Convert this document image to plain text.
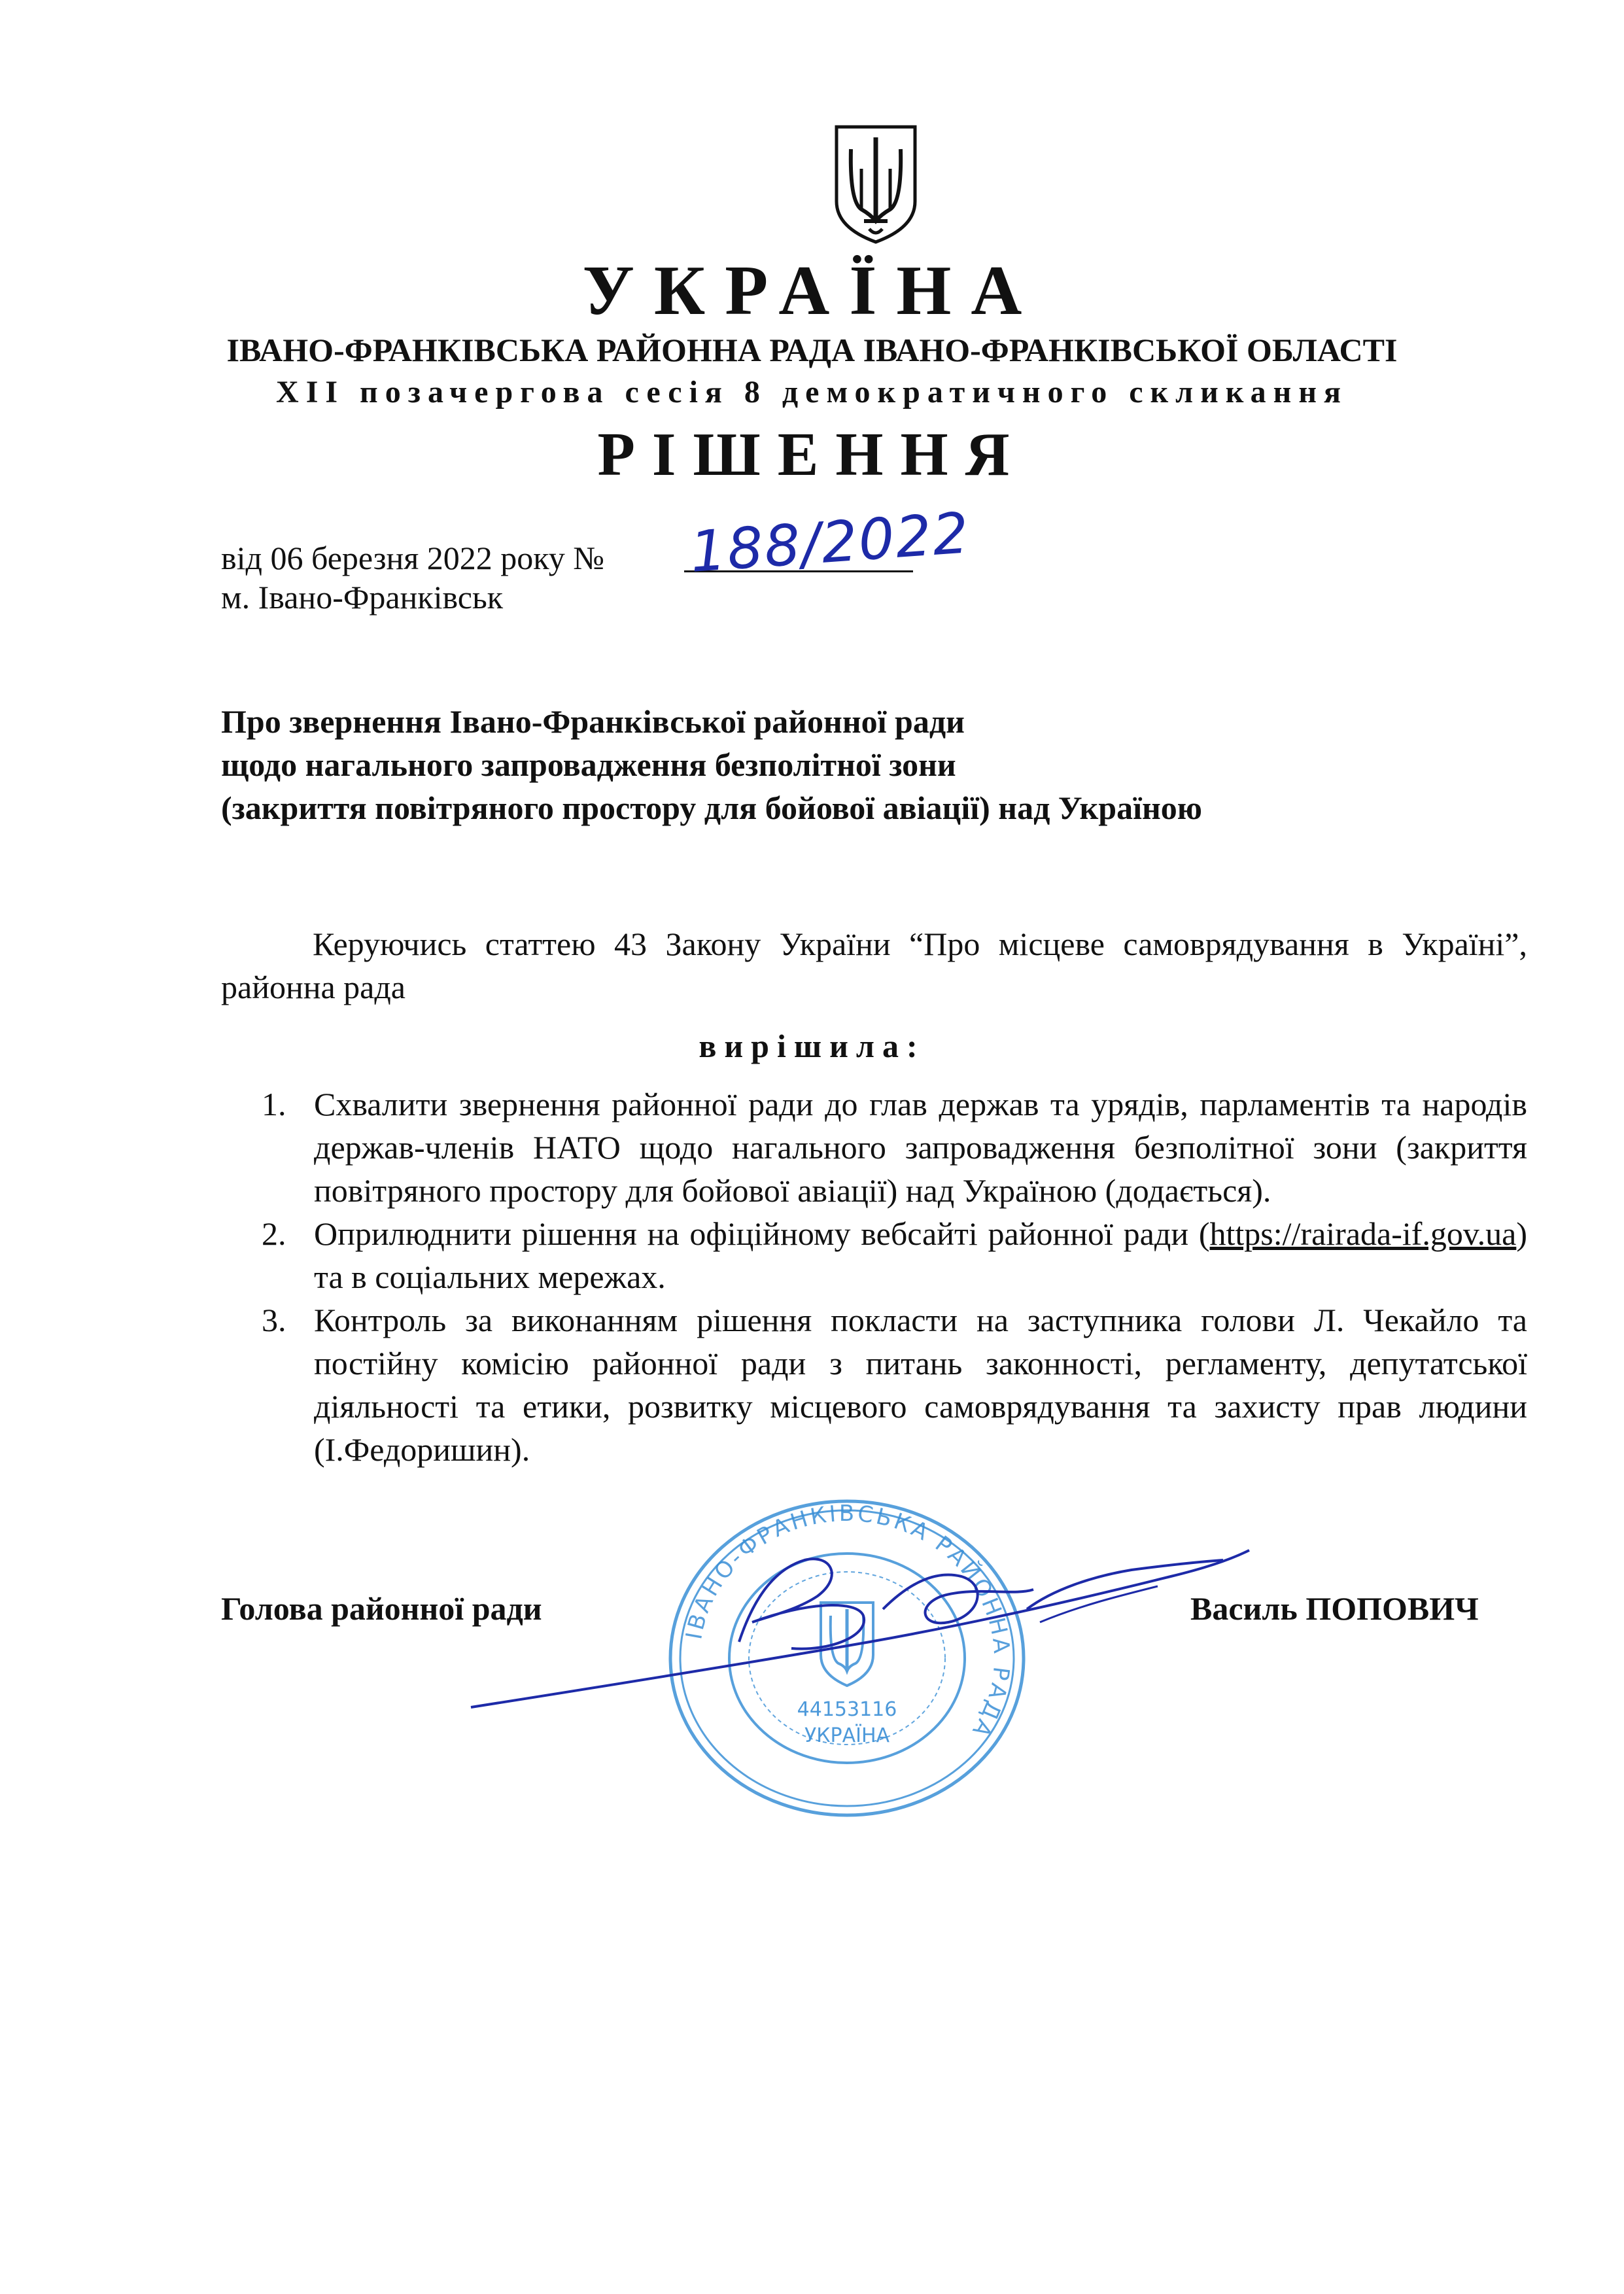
УКРАЇНА
ІВАНО-ФРАНКІВСЬКА РАЙОННА РАДА ІВАНО-ФРАНКІВСЬКОЇ ОБЛАСТІ
XII позачергова сесія 8 демократичного скликання
РІШЕННЯ
від 06 березня 2022 року № 188/2022
м. Івано-Франківськ
Про звернення Івано-Франківської районної ради
щодо нагального запровадження безполітної зони
(закриття повітряного простору для бойової авіації) над Україною
Керуючись статтею 43 Закону України “Про місцеве самоврядування в Україні”, районна рада
вирішила:
1. Схвалити звернення районної ради до глав держав та урядів, парламентів та народів держав-членів НАТО щодо нагального запровадження безполітної зони (закриття повітряного простору для бойової авіації) над Україною (додається).
2. Оприлюднити рішення на офіційному вебсайті районної ради (https://rairada-if.gov.ua) та в соціальних мережах.
3. Контроль за виконанням рішення покласти на заступника голови Л. Чекайло та постійну комісію районної ради з питань законності, регламенту, депутатської діяльності та етики, розвитку місцевого самоврядування та захисту прав людини (І.Федоришин).
ІВАНО-ФРАНКІВСЬКА РАЙОННА РАДА
44153116
УКРАЇНА
Голова районної ради	Василь ПОПОВИЧ
